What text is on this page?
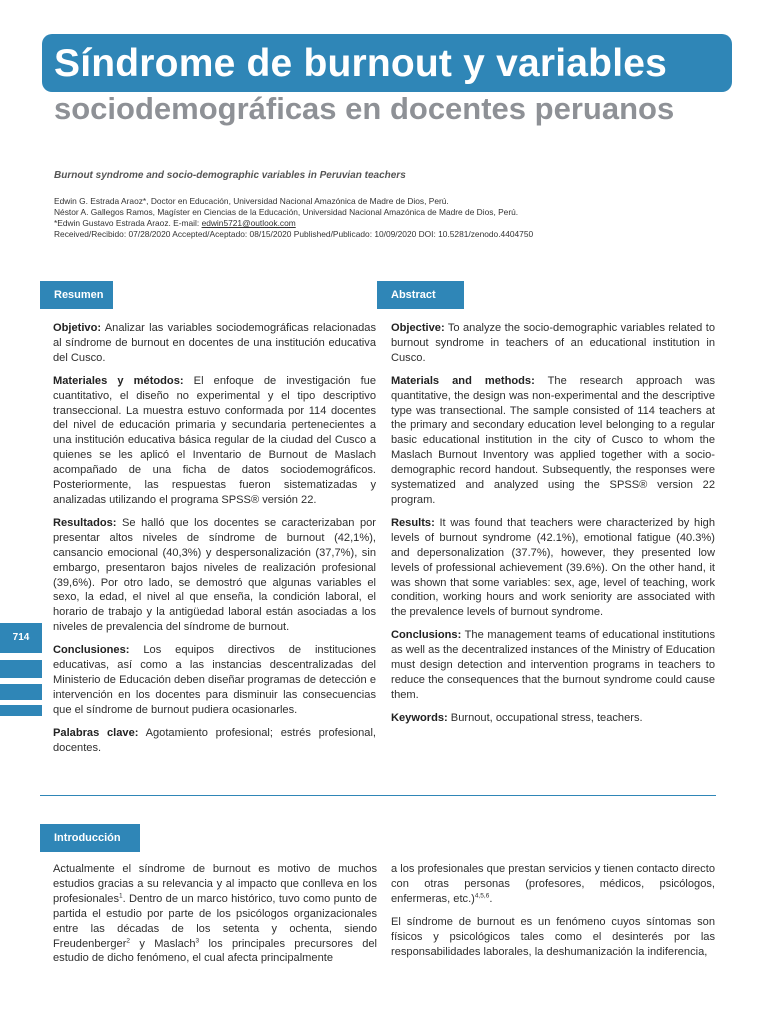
Síndrome de burnout y variables
sociodemográficas en docentes peruanos
Burnout syndrome and socio-demographic variables in Peruvian teachers
Edwin G. Estrada Araoz*, Doctor en Educación, Universidad Nacional Amazónica de Madre de Dios, Perú.
Néstor A. Gallegos Ramos, Magíster en Ciencias de la Educación, Universidad Nacional Amazónica de Madre de Dios, Perú.
*Edwin Gustavo Estrada Araoz. E-mail: edwin5721@outlook.com
Received/Recibido: 07/28/2020 Accepted/Aceptado: 08/15/2020 Published/Publicado: 10/09/2020 DOI: 10.5281/zenodo.4404750
Resumen	Abstract

Objetivo: Analizar las variables sociodemográficas relacionadas al síndrome de burnout en docentes de una institución educativa del Cusco.

Materiales y métodos: El enfoque de investigación fue cuantitativo, el diseño no experimental y el tipo descriptivo transeccional. La muestra estuvo conformada por 114 docentes del nivel de educación primaria y secundaria pertenecientes a una institución educativa básica regular de la ciudad del Cusco a quienes se les aplicó el Inventario de Burnout de Maslach acompañado de una ficha de datos sociodemográficos. Posteriormente, las respuestas fueron sistematizadas y analizadas utilizando el programa SPSS® versión 22.

Resultados: Se halló que los docentes se caracterizaban por presentar altos niveles de síndrome de burnout (42,1%), cansancio emocional (40,3%) y despersonalización (37,7%), sin embargo, presentaron bajos niveles de realización profesional (39,6%). Por otro lado, se demostró que algunas variables el sexo, la edad, el nivel al que enseña, la condición laboral, el horario de trabajo y la antigüedad laboral están asociadas a los niveles de prevalencia del síndrome de burnout.

Conclusiones: Los equipos directivos de instituciones educativas, así como a las instancias descentralizadas del Ministerio de Educación deben diseñar programas de detección e intervención en los docentes para disminuir las consecuencias que el síndrome de burnout pudiera ocasionarles.

Palabras clave: Agotamiento profesional; estrés profesional, docentes.

Objective: To analyze the socio-demographic variables related to burnout syndrome in teachers of an educational institution in Cusco.

Materials and methods: The research approach was quantitative, the design was non-experimental and the descriptive type was transectional. The sample consisted of 114 teachers at the primary and secondary education level belonging to a regular basic educational institution in the city of Cusco to whom the Maslach Burnout Inventory was applied together with a socio-demographic record handout. Subsequently, the responses were systematized and analyzed using the SPSS® version 22 program.

Results: It was found that teachers were characterized by high levels of burnout syndrome (42.1%), emotional fatigue (40.3%) and depersonalization (37.7%), however, they presented low levels of professional achievement (39.6%). On the other hand, it was shown that some variables: sex, age, level of teaching, work condition, working hours and work seniority are associated with the prevalence levels of burnout syndrome.

Conclusions: The management teams of educational institutions as well as the decentralized instances of the Ministry of Education must design detection and intervention programs in teachers to reduce the consequences that the burnout syndrome could cause them.

Keywords: Burnout, occupational stress, teachers.

Introducción

Actualmente el síndrome de burnout es motivo de muchos estudios gracias a su relevancia y al impacto que conlleva en los profesionales$^1$. Dentro de un marco histórico, tuvo como punto de partida el estudio por parte de los psicólogos organizacionales entre las décadas de los setenta y ochenta, siendo Freudenberger$^2$ y Maslach$^3$ los principales precursores del estudio de dicho fenómeno, el cual afecta principalmente

a los profesionales que prestan servicios y tienen contacto directo con otras personas (profesores, médicos, psicólogos, enfermeras, etc.)$^{4,5,6}$.

El síndrome de burnout es un fenómeno cuyos síntomas son físicos y psicológicos tales como el desinterés por las responsabilidades laborales, la deshumanización la indiferencia,

714
